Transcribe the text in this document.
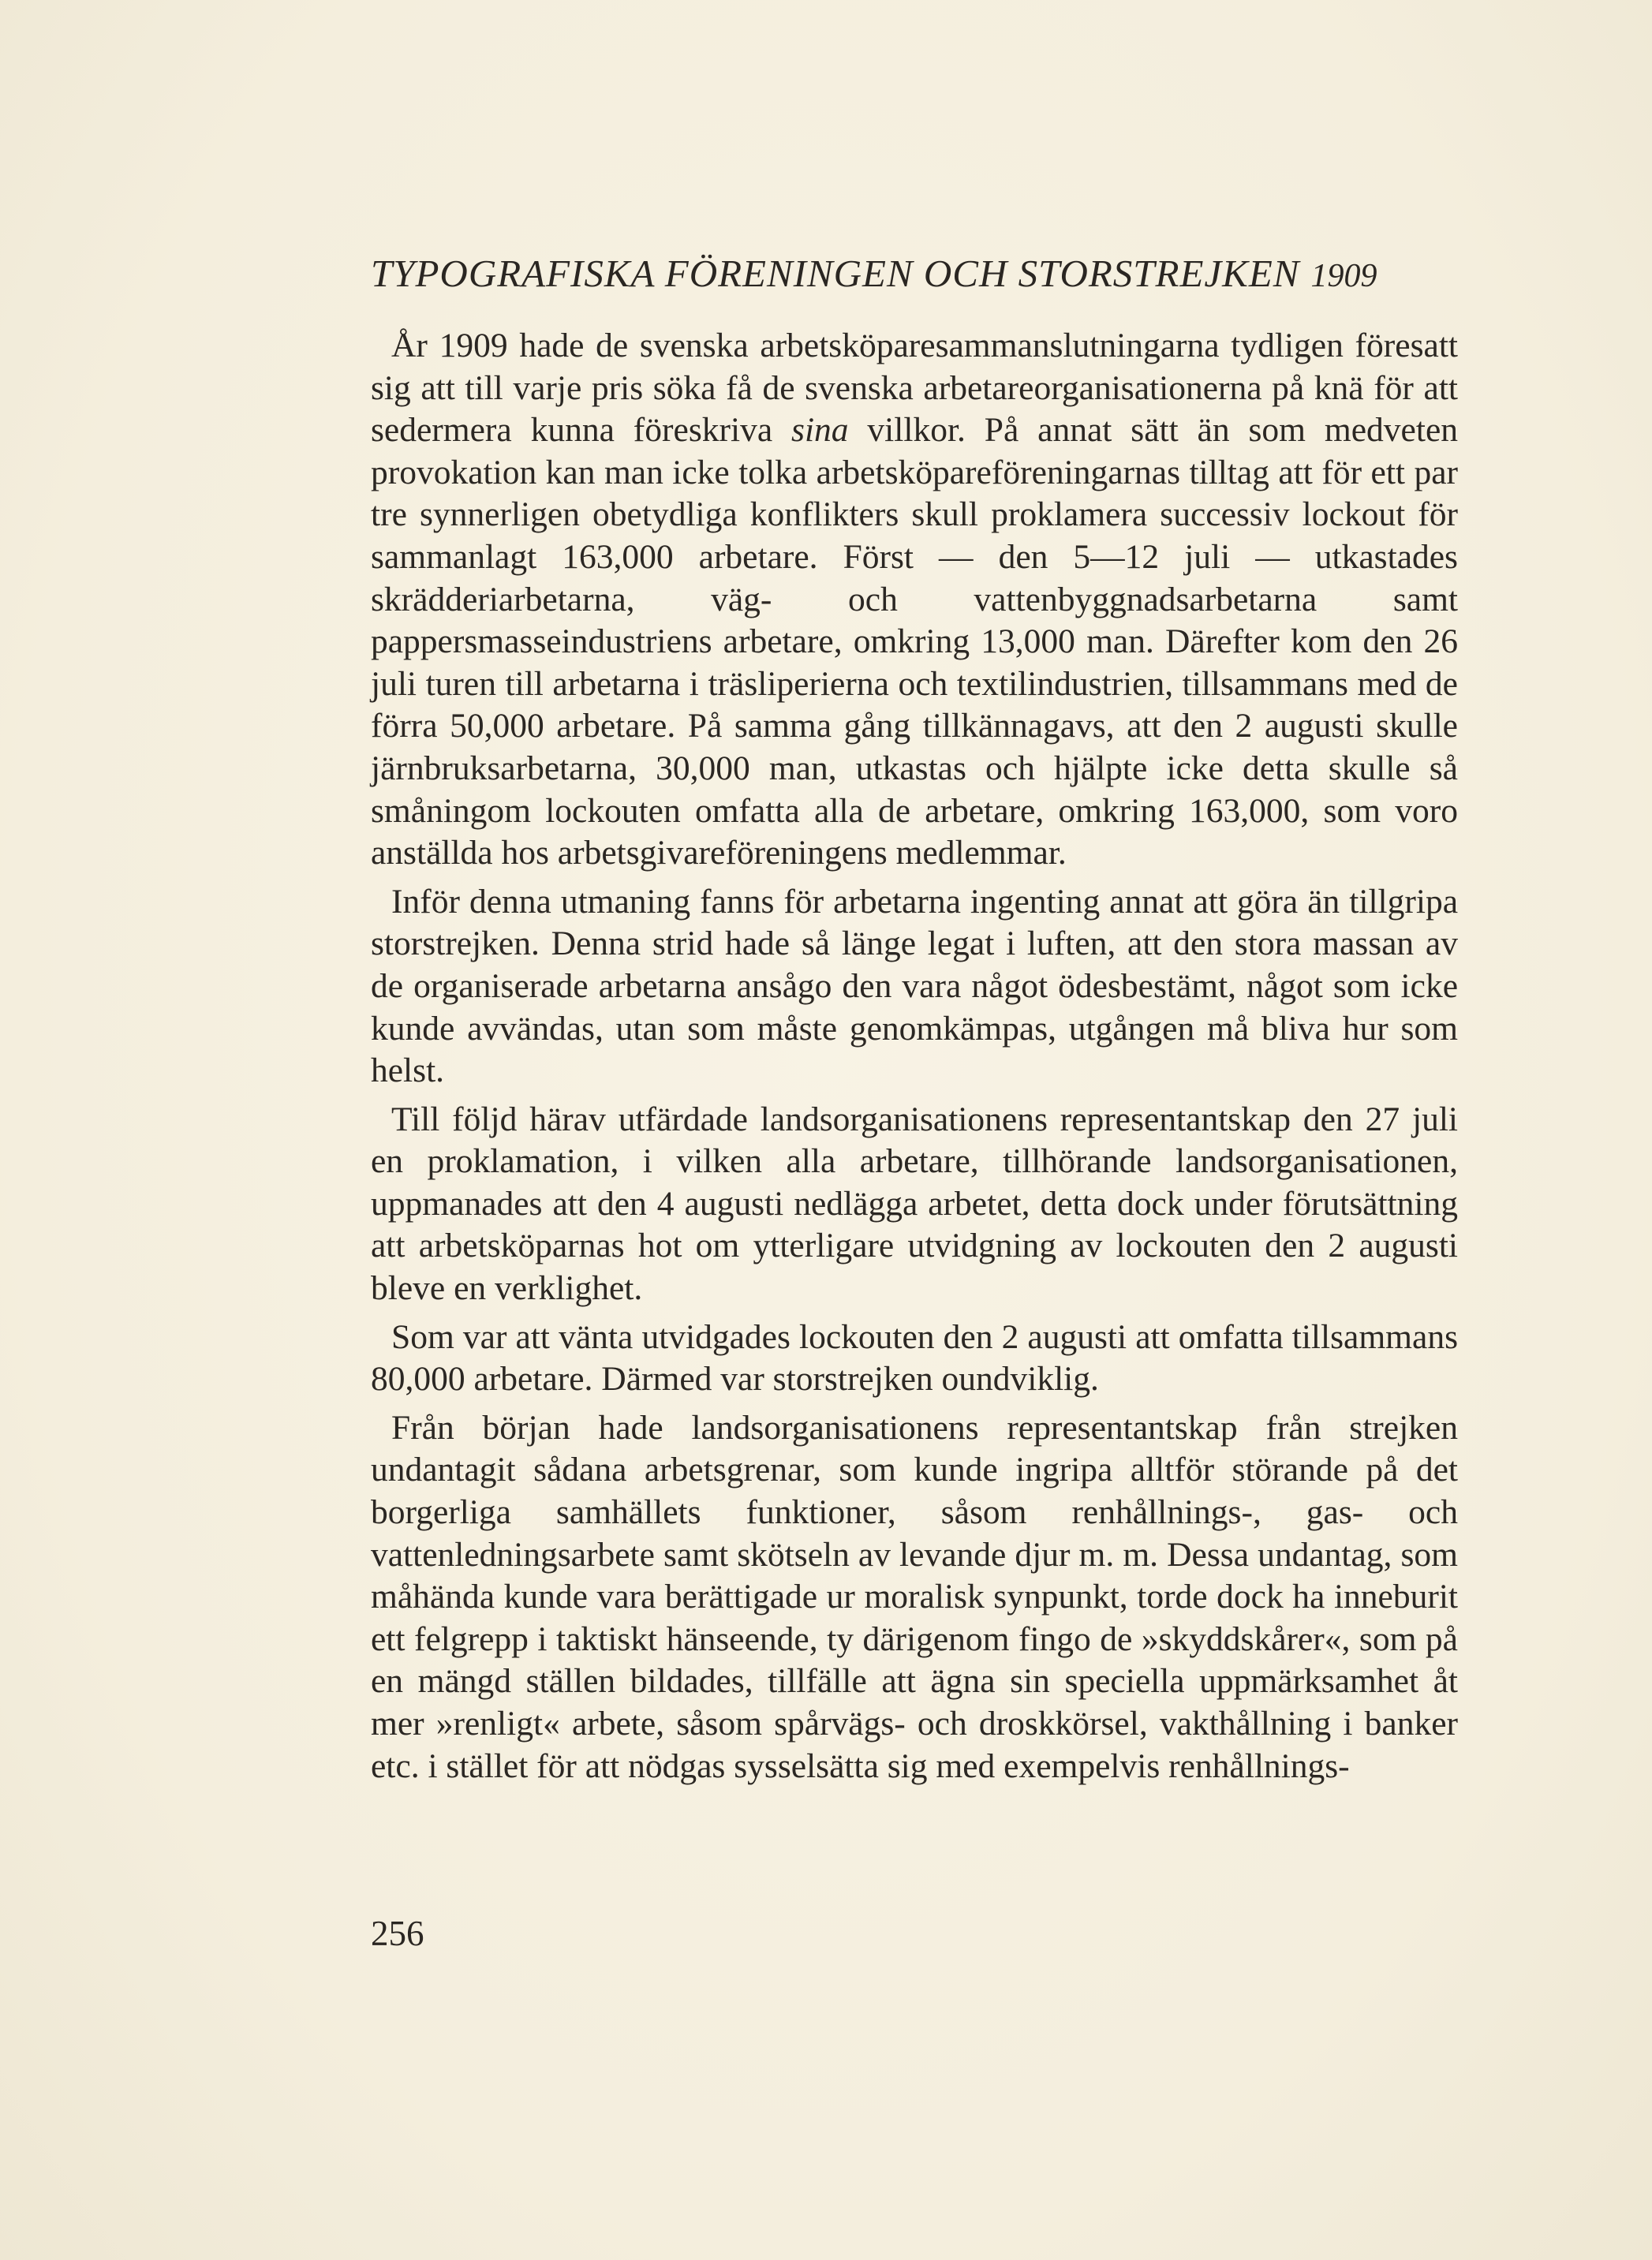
TYPOGRAFISKA FÖRENINGEN OCH STORSTREJKEN 1909

År 1909 hade de svenska arbetsköparesammanslutningarna tydligen föresatt sig att till varje pris söka få de svenska arbetareorganisationerna på knä för att sedermera kunna föreskriva sina villkor. På annat sätt än som medveten provokation kan man icke tolka arbetsköpareföreningarnas tilltag att för ett par tre synnerligen obetydliga konflikters skull proklamera successiv lockout för sammanlagt 163,000 arbetare. Först — den 5—12 juli — utkastades skrädderiarbetarna, väg- och vattenbyggnadsarbetarna samt pappersmasseindustriens arbetare, omkring 13,000 man. Därefter kom den 26 juli turen till arbetarna i träsliperierna och textilindustrien, tillsammans med de förra 50,000 arbetare. På samma gång tillkännagavs, att den 2 augusti skulle järnbruksarbetarna, 30,000 man, utkastas och hjälpte icke detta skulle så småningom lockouten omfatta alla de arbetare, omkring 163,000, som voro anställda hos arbetsgivareföreningens medlemmar.

Inför denna utmaning fanns för arbetarna ingenting annat att göra än tillgripa storstrejken. Denna strid hade så länge legat i luften, att den stora massan av de organiserade arbetarna ansågo den vara något ödesbestämt, något som icke kunde avvändas, utan som måste genomkämpas, utgången må bliva hur som helst.

Till följd härav utfärdade landsorganisationens representantskap den 27 juli en proklamation, i vilken alla arbetare, tillhörande landsorganisationen, uppmanades att den 4 augusti nedlägga arbetet, detta dock under förutsättning att arbetsköparnas hot om ytterligare utvidgning av lockouten den 2 augusti bleve en verklighet.

Som var att vänta utvidgades lockouten den 2 augusti att omfatta tillsammans 80,000 arbetare. Därmed var storstrejken oundviklig.

Från början hade landsorganisationens representantskap från strejken undantagit sådana arbetsgrenar, som kunde ingripa alltför störande på det borgerliga samhällets funktioner, såsom renhållnings-, gas- och vattenledningsarbete samt skötseln av levande djur m. m. Dessa undantag, som måhända kunde vara berättigade ur moralisk synpunkt, torde dock ha inneburit ett felgrepp i taktiskt hänseende, ty därigenom fingo de »skyddskårer«, som på en mängd ställen bildades, tillfälle att ägna sin speciella uppmärksamhet åt mer »renligt« arbete, såsom spårvägs- och droskkörsel, vakthållning i banker etc. i stället för att nödgas sysselsätta sig med exempelvis renhållnings-

256
